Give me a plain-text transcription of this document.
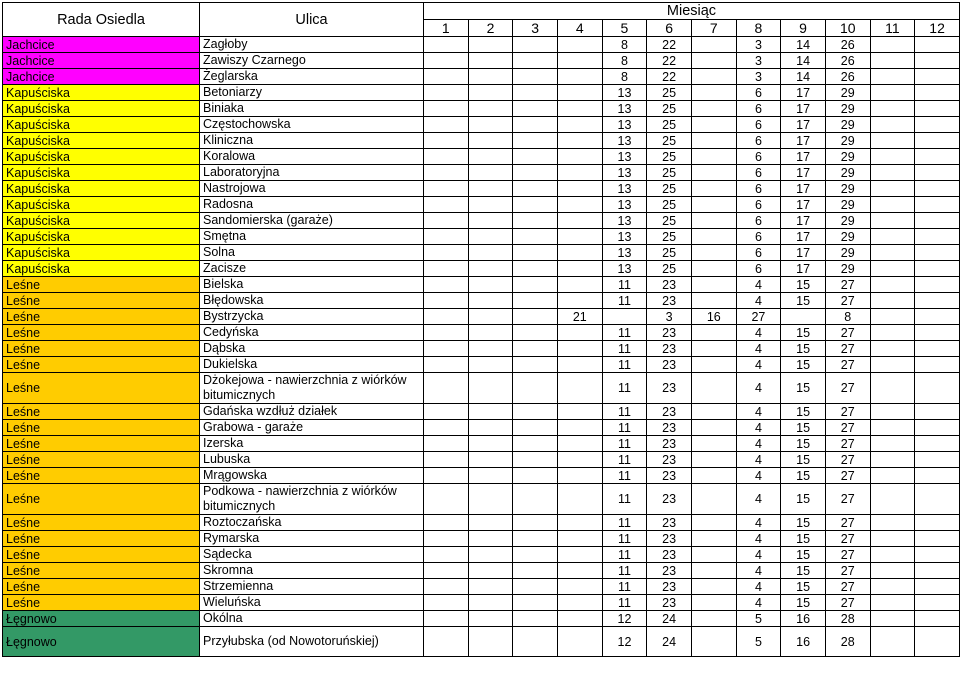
Rada Osiedla	Ulica	Miesiąc											
		1	2	3	4	5	6	7	8	9	10	11	12
Jachcice	Zagłoby					8	22		3	14	26		
Jachcice	Zawiszy Czarnego					8	22		3	14	26		
Jachcice	Żeglarska					8	22		3	14	26		
Kapuściska	Betoniarzy					13	25		6	17	29		
Kapuściska	Biniaka					13	25		6	17	29		
Kapuściska	Częstochowska					13	25		6	17	29		
Kapuściska	Kliniczna					13	25		6	17	29		
Kapuściska	Koralowa					13	25		6	17	29		
Kapuściska	Laboratoryjna					13	25		6	17	29		
Kapuściska	Nastrojowa					13	25		6	17	29		
Kapuściska	Radosna					13	25		6	17	29		
Kapuściska	Sandomierska (garaże)					13	25		6	17	29		
Kapuściska	Smętna					13	25		6	17	29		
Kapuściska	Solna					13	25		6	17	29		
Kapuściska	Zacisze					13	25		6	17	29		
Leśne	Bielska					11	23		4	15	27		
Leśne	Błędowska					11	23		4	15	27		
Leśne	Bystrzycka				21		3	16	27		8		
Leśne	Cedyńska					11	23		4	15	27		
Leśne	Dąbska					11	23		4	15	27		
Leśne	Dukielska					11	23		4	15	27		
Leśne	Dżokejowa - nawierzchnia z wiórków bitumicznych					11	23		4	15	27		
Leśne	Gdańska wzdłuż działek					11	23		4	15	27		
Leśne	Grabowa - garaże					11	23		4	15	27		
Leśne	Izerska					11	23		4	15	27		
Leśne	Lubuska					11	23		4	15	27		
Leśne	Mrągowska					11	23		4	15	27		
Leśne	Podkowa - nawierzchnia z wiórków bitumicznych					11	23		4	15	27		
Leśne	Roztoczańska					11	23		4	15	27		
Leśne	Rymarska					11	23		4	15	27		
Leśne	Sądecka					11	23		4	15	27		
Leśne	Skromna					11	23		4	15	27		
Leśne	Strzemienna					11	23		4	15	27		
Leśne	Wieluńska					11	23		4	15	27		
Łęgnowo	Okólna					12	24		5	16	28		
Łęgnowo	Przyłubska (od Nowotoruńskiej)					12	24		5	16	28		
